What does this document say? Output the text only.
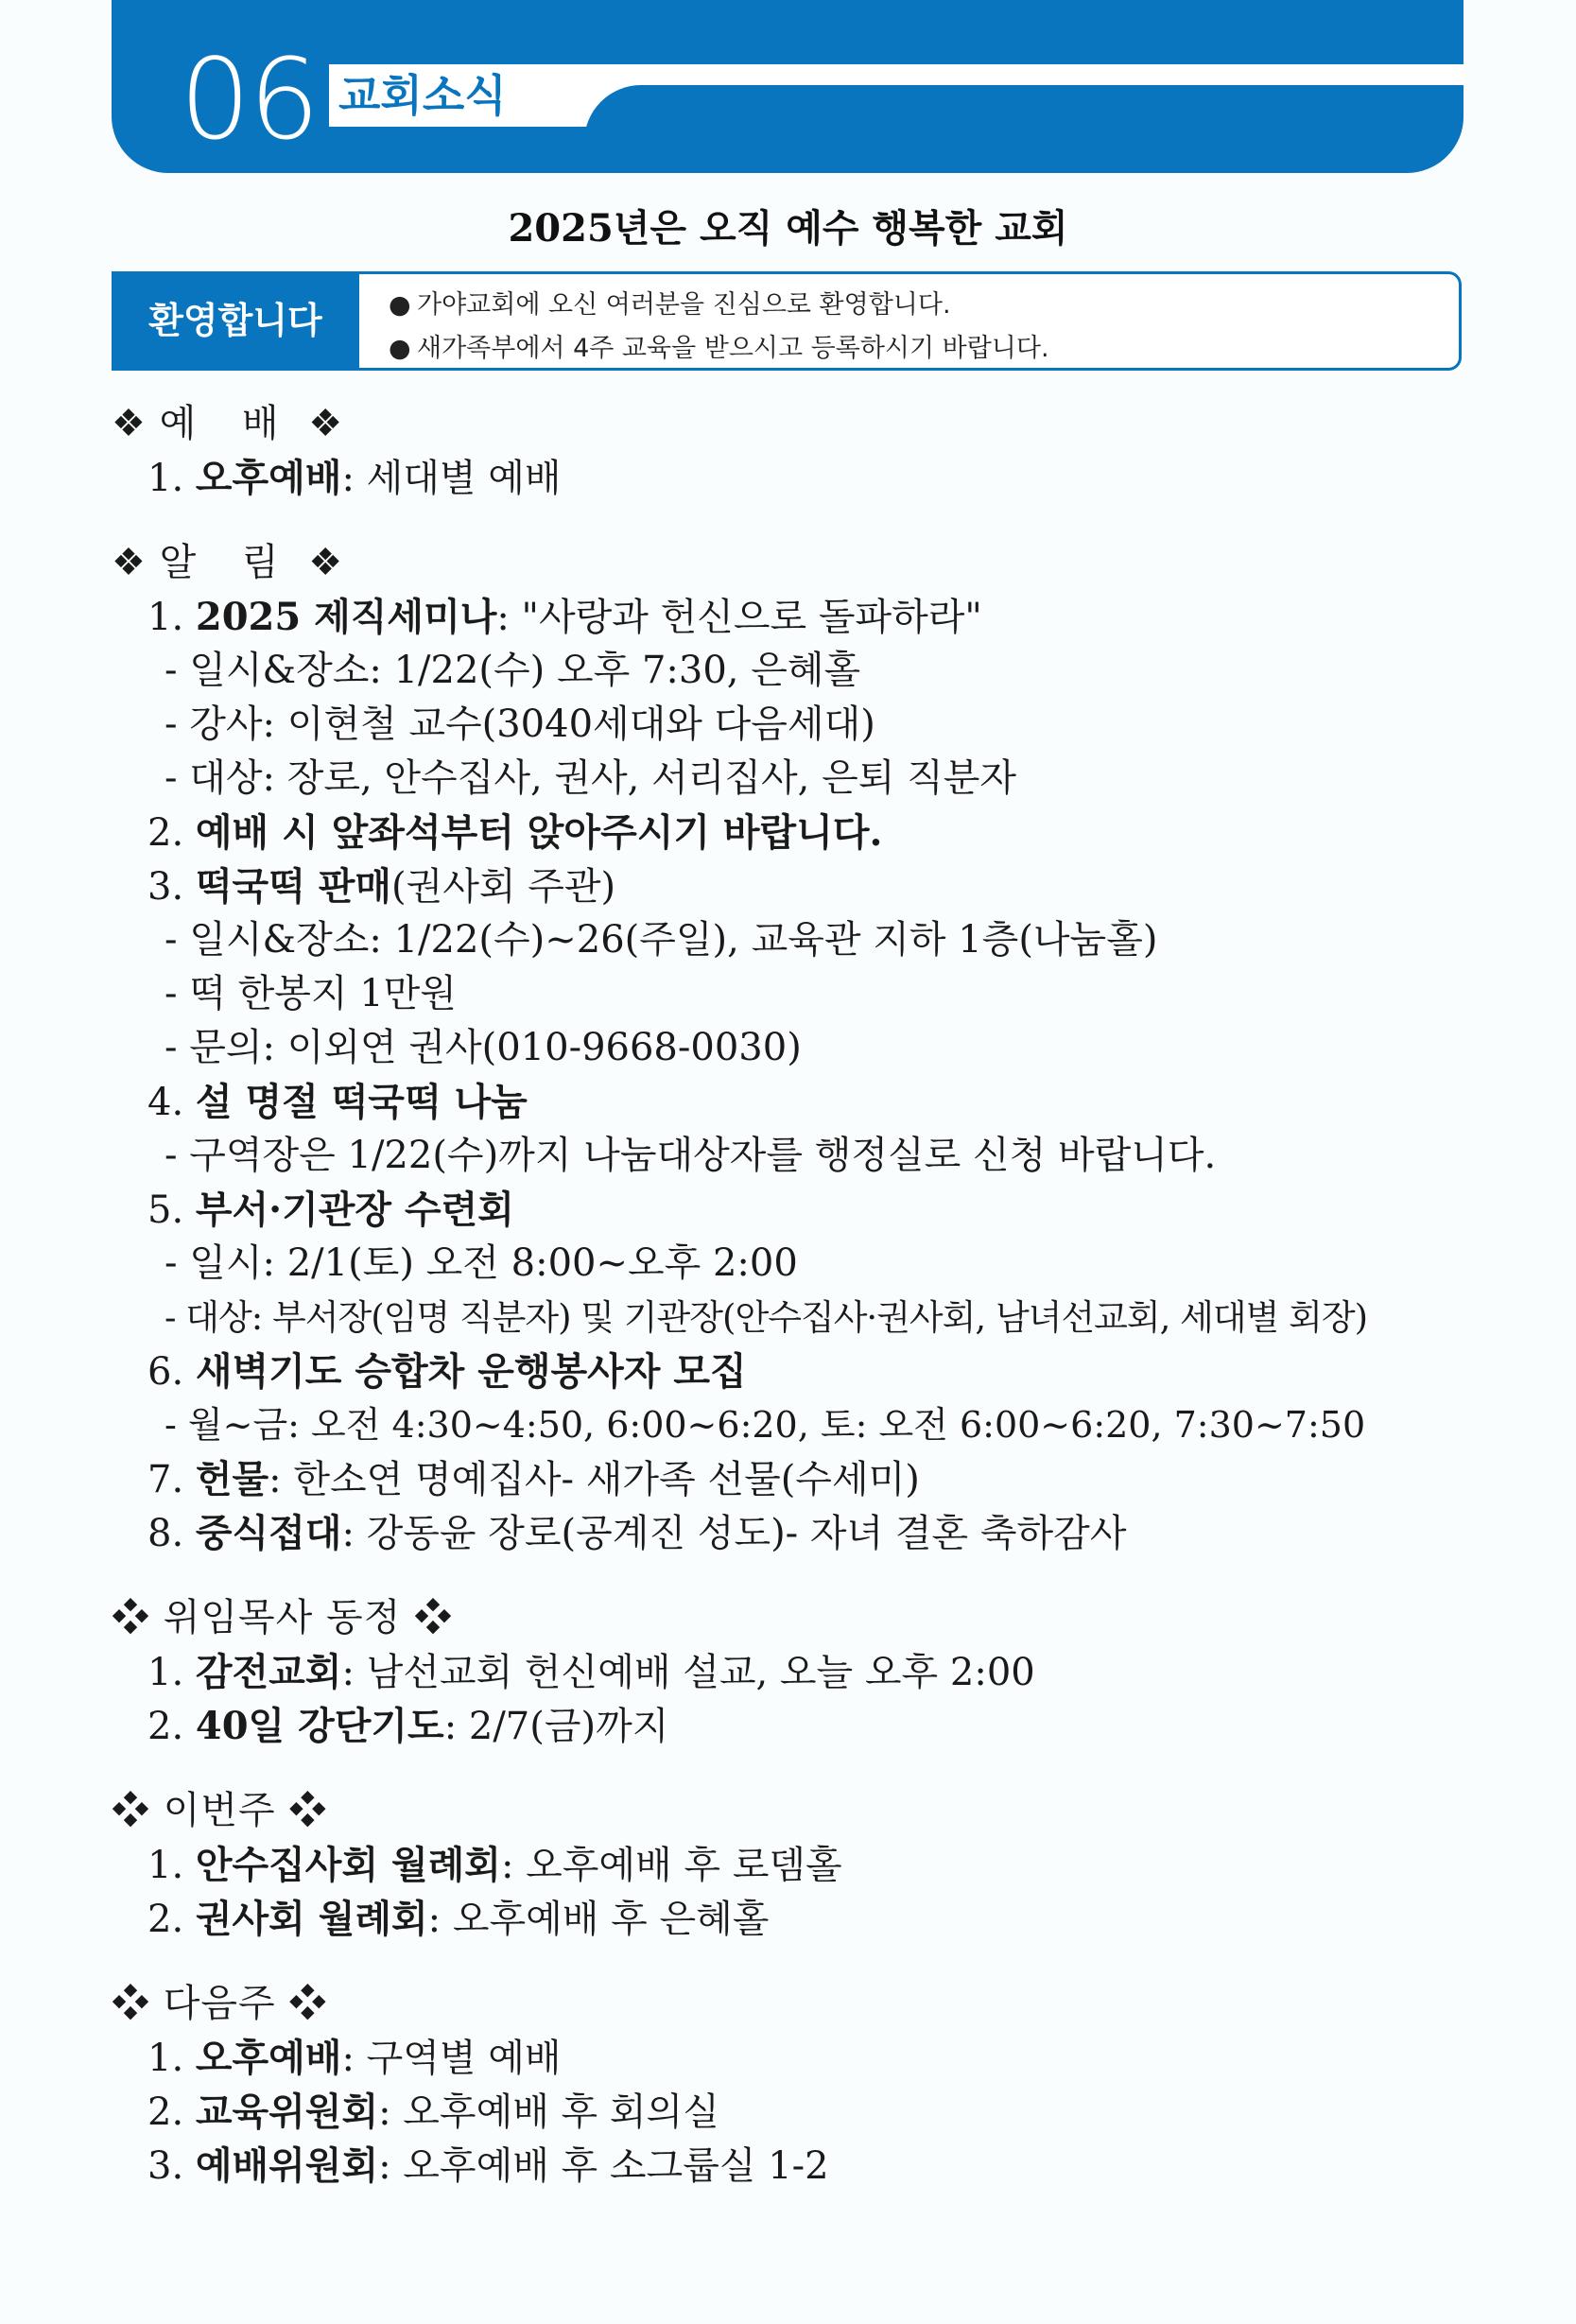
06 교회소식
2025년은 오직 예수 행복한 교회
환영합니다	● 가야교회에 오신 여러분을 진심으로 환영합니다.
● 새가족부에서 4주 교육을 받으시고 등록하시기 바랍니다.
❖ 예 배 ❖
1. 오후예배: 세대별 예배
❖ 알 림 ❖
1. 2025 제직세미나: "사랑과 헌신으로 돌파하라"
- 일시&장소: 1/22(수) 오후 7:30, 은혜홀
- 강사: 이현철 교수(3040세대와 다음세대)
- 대상: 장로, 안수집사, 권사, 서리집사, 은퇴 직분자
2. 예배 시 앞좌석부터 앉아주시기 바랍니다.
3. 떡국떡 판매(권사회 주관)
- 일시&장소: 1/22(수)~26(주일), 교육관 지하 1층(나눔홀)
- 떡 한봉지 1만원
- 문의: 이외연 권사(010-9668-0030)
4. 설 명절 떡국떡 나눔
- 구역장은 1/22(수)까지 나눔대상자를 행정실로 신청 바랍니다.
5. 부서·기관장 수련회
- 일시: 2/1(토) 오전 8:00~오후 2:00
- 대상: 부서장(임명 직분자) 및 기관장(안수집사·권사회, 남녀선교회, 세대별 회장)
6. 새벽기도 승합차 운행봉사자 모집
- 월~금: 오전 4:30~4:50, 6:00~6:20, 토: 오전 6:00~6:20, 7:30~7:50
7. 헌물: 한소연 명예집사- 새가족 선물(수세미)
8. 중식접대: 강동윤 장로(공계진 성도)- 자녀 결혼 축하감사
❖ 위임목사 동정 ❖
1. 감전교회: 남선교회 헌신예배 설교, 오늘 오후 2:00
2. 40일 강단기도: 2/7(금)까지
❖ 이번주 ❖
1. 안수집사회 월례회: 오후예배 후 로뎀홀
2. 권사회 월례회: 오후예배 후 은혜홀
❖ 다음주 ❖
1. 오후예배: 구역별 예배
2. 교육위원회: 오후예배 후 회의실
3. 예배위원회: 오후예배 후 소그룹실 1-2
